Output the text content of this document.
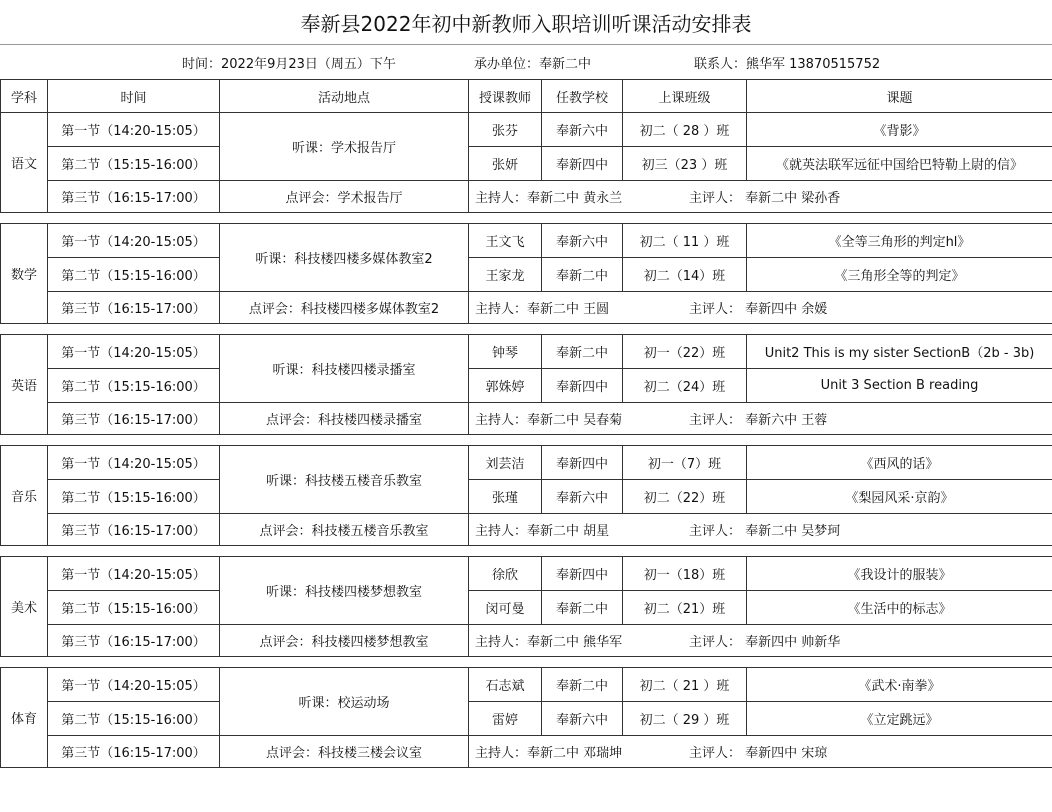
奉新县2022年初中新教师入职培训听课活动安排表
时间：2022年9月23日（周五）下午	承办单位：奉新二中	联系人：熊华军 13870515752
学科	时间	活动地点	授课教师	任教学校	上课班级	课题
语文	第一节（14:20-15:05）	听课：学术报告厅	张芬	奉新六中	初二（ 28 ）班	《背影》
	第二节（15:15-16:00）		张妍	奉新四中	初三（23 ）班	《就英法联军远征中国给巴特勒上尉的信》
	第三节（16:15-17:00）	点评会：学术报告厅	主持人：奉新二中 黄永兰 主评人： 奉新二中 梁孙香			

数学	第一节（14:20-15:05）	听课：科技楼四楼多媒体教室2	王文飞	奉新六中	初二（ 11 ）班	《全等三角形的判定hl》
	第二节（15:15-16:00）		王家龙	奉新二中	初二（14）班	《三角形全等的判定》
	第三节（16:15-17:00）	点评会：科技楼四楼多媒体教室2	主持人：奉新二中 王圆 主评人： 奉新四中 余媛			

英语	第一节（14:20-15:05）	听课：科技楼四楼录播室	钟琴	奉新二中	初一（22）班	Unit2 This is my sister SectionB（2b - 3b)
	第二节（15:15-16:00）		郭姝婷	奉新四中	初二（24）班	Unit 3 Section B reading
	第三节（16:15-17:00）	点评会：科技楼四楼录播室	主持人：奉新二中 吴春菊 主评人： 奉新六中 王蓉			

音乐	第一节（14:20-15:05）	听课：科技楼五楼音乐教室	刘芸洁	奉新四中	初一（7）班	《西风的话》
	第二节（15:15-16:00）		张瑾	奉新六中	初二（22）班	《梨园风采·京韵》
	第三节（16:15-17:00）	点评会：科技楼五楼音乐教室	主持人：奉新二中 胡星 主评人： 奉新二中 吴梦珂			

美术	第一节（14:20-15:05）	听课：科技楼四楼梦想教室	徐欣	奉新四中	初一（18）班	《我设计的服装》
	第二节（15:15-16:00）		闵可曼	奉新二中	初二（21）班	《生活中的标志》
	第三节（16:15-17:00）	点评会：科技楼四楼梦想教室	主持人：奉新二中 熊华军 主评人： 奉新四中 帅新华			

体育	第一节（14:20-15:05）	听课：校运动场	石志斌	奉新二中	初二（ 21 ）班	《武术·南拳》
	第二节（15:15-16:00）		雷婷	奉新六中	初二（ 29 ）班	《立定跳远》
	第三节（16:15-17:00）	点评会：科技楼三楼会议室	主持人：奉新二中 邓瑞坤 主评人： 奉新四中 宋琼			
